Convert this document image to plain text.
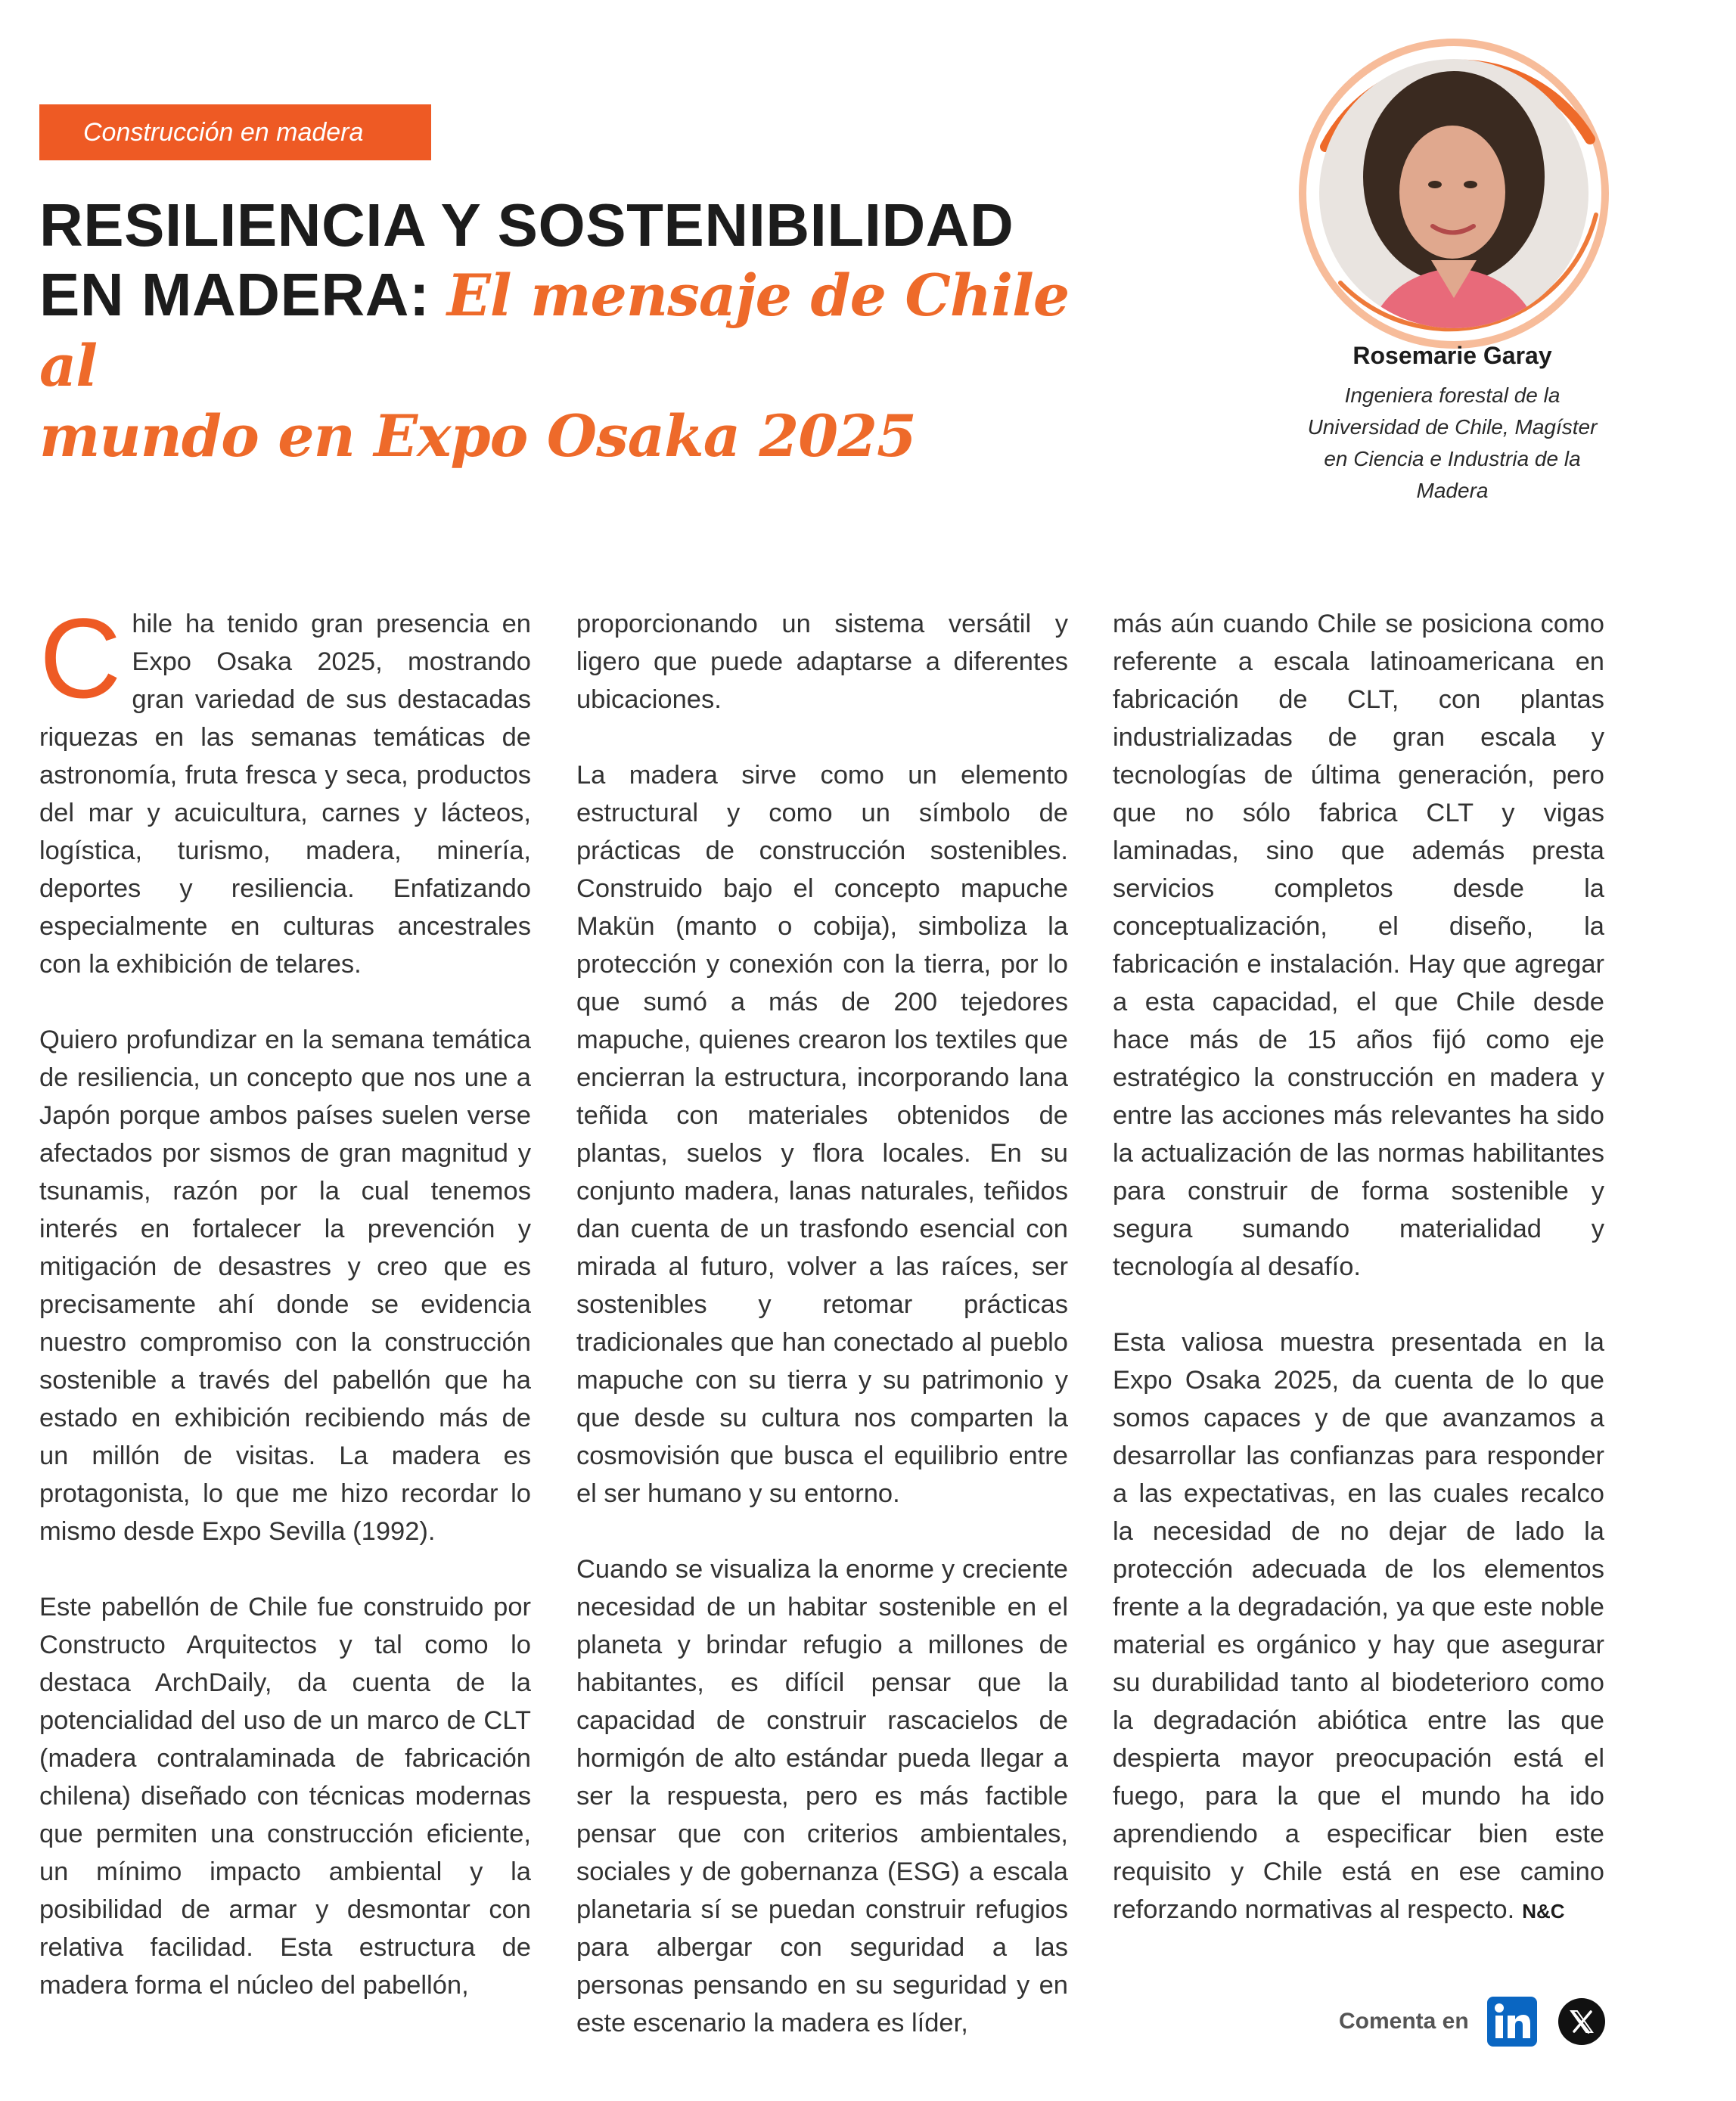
Construcción en madera
RESILIENCIA Y SOSTENIBILIDAD
EN MADERA: El mensaje de Chile al
mundo en Expo Osaka 2025
Rosemarie Garay
Ingeniera forestal de la
Universidad de Chile, Magíster
en Ciencia e Industria de la
Madera

Chile ha tenido gran presencia en Expo Osaka 2025, mostrando gran variedad de sus destacadas riquezas en las semanas temáticas de astronomía, fruta fresca y seca, productos del mar y acuicultura, carnes y lácteos, logística, turismo, madera, minería, deportes y resiliencia. Enfatizando especialmente en culturas ancestrales con la exhibición de telares.

Quiero profundizar en la semana temática de resiliencia, un concepto que nos une a Japón porque ambos países suelen verse afectados por sismos de gran magnitud y tsunamis, razón por la cual tenemos interés en fortalecer la prevención y mitigación de desastres y creo que es precisamente ahí donde se evidencia nuestro compromiso con la construcción sostenible a través del pabellón que ha estado en exhibición recibiendo más de un millón de visitas. La madera es protagonista, lo que me hizo recordar lo mismo desde Expo Sevilla (1992).

Este pabellón de Chile fue construido por Constructo Arquitectos y tal como lo destaca ArchDaily, da cuenta de la potencialidad del uso de un marco de CLT (madera contralaminada de fabricación chilena) diseñado con técnicas modernas que permiten una construcción eficiente, un mínimo impacto ambiental y la posibilidad de armar y desmontar con relativa facilidad. Esta estructura de madera forma el núcleo del pabellón,

proporcionando un sistema versátil y ligero que puede adaptarse a diferentes ubicaciones.

La madera sirve como un elemento estructural y como un símbolo de prácticas de construcción sostenibles. Construido bajo el concepto mapuche Makün (manto o cobija), simboliza la protección y conexión con la tierra, por lo que sumó a más de 200 tejedores mapuche, quienes crearon los textiles que encierran la estructura, incorporando lana teñida con materiales obtenidos de plantas, suelos y flora locales. En su conjunto madera, lanas naturales, teñidos dan cuenta de un trasfondo esencial con mirada al futuro, volver a las raíces, ser sostenibles y retomar prácticas tradicionales que han conectado al pueblo mapuche con su tierra y su patrimonio y que desde su cultura nos comparten la cosmovisión que busca el equilibrio entre el ser humano y su entorno.

Cuando se visualiza la enorme y creciente necesidad de un habitar sostenible en el planeta y brindar refugio a millones de habitantes, es difícil pensar que la capacidad de construir rascacielos de hormigón de alto estándar pueda llegar a ser la respuesta, pero es más factible pensar que con criterios ambientales, sociales y de gobernanza (ESG) a escala planetaria sí se puedan construir refugios para albergar con seguridad a las personas pensando en su seguridad y en este escenario la madera es líder,

más aún cuando Chile se posiciona como referente a escala latinoamericana en fabricación de CLT, con plantas industrializadas de gran escala y tecnologías de última generación, pero que no sólo fabrica CLT y vigas laminadas, sino que además presta servicios completos desde la conceptualización, el diseño, la fabricación e instalación. Hay que agregar a esta capacidad, el que Chile desde hace más de 15 años fijó como eje estratégico la construcción en madera y entre las acciones más relevantes ha sido la actualización de las normas habilitantes para construir de forma sostenible y segura sumando materialidad y tecnología al desafío.

Esta valiosa muestra presentada en la Expo Osaka 2025, da cuenta de lo que somos capaces y de que avanzamos a desarrollar las confianzas para responder a las expectativas, en las cuales recalco la necesidad de no dejar de lado la protección adecuada de los elementos frente a la degradación, ya que este noble material es orgánico y hay que asegurar su durabilidad tanto al biodeterioro como la degradación abiótica entre las que despierta mayor preocupación está el fuego, para la que el mundo ha ido aprendiendo a especificar bien este requisito y Chile está en ese camino reforzando normativas al respecto. N&C

Comenta en
